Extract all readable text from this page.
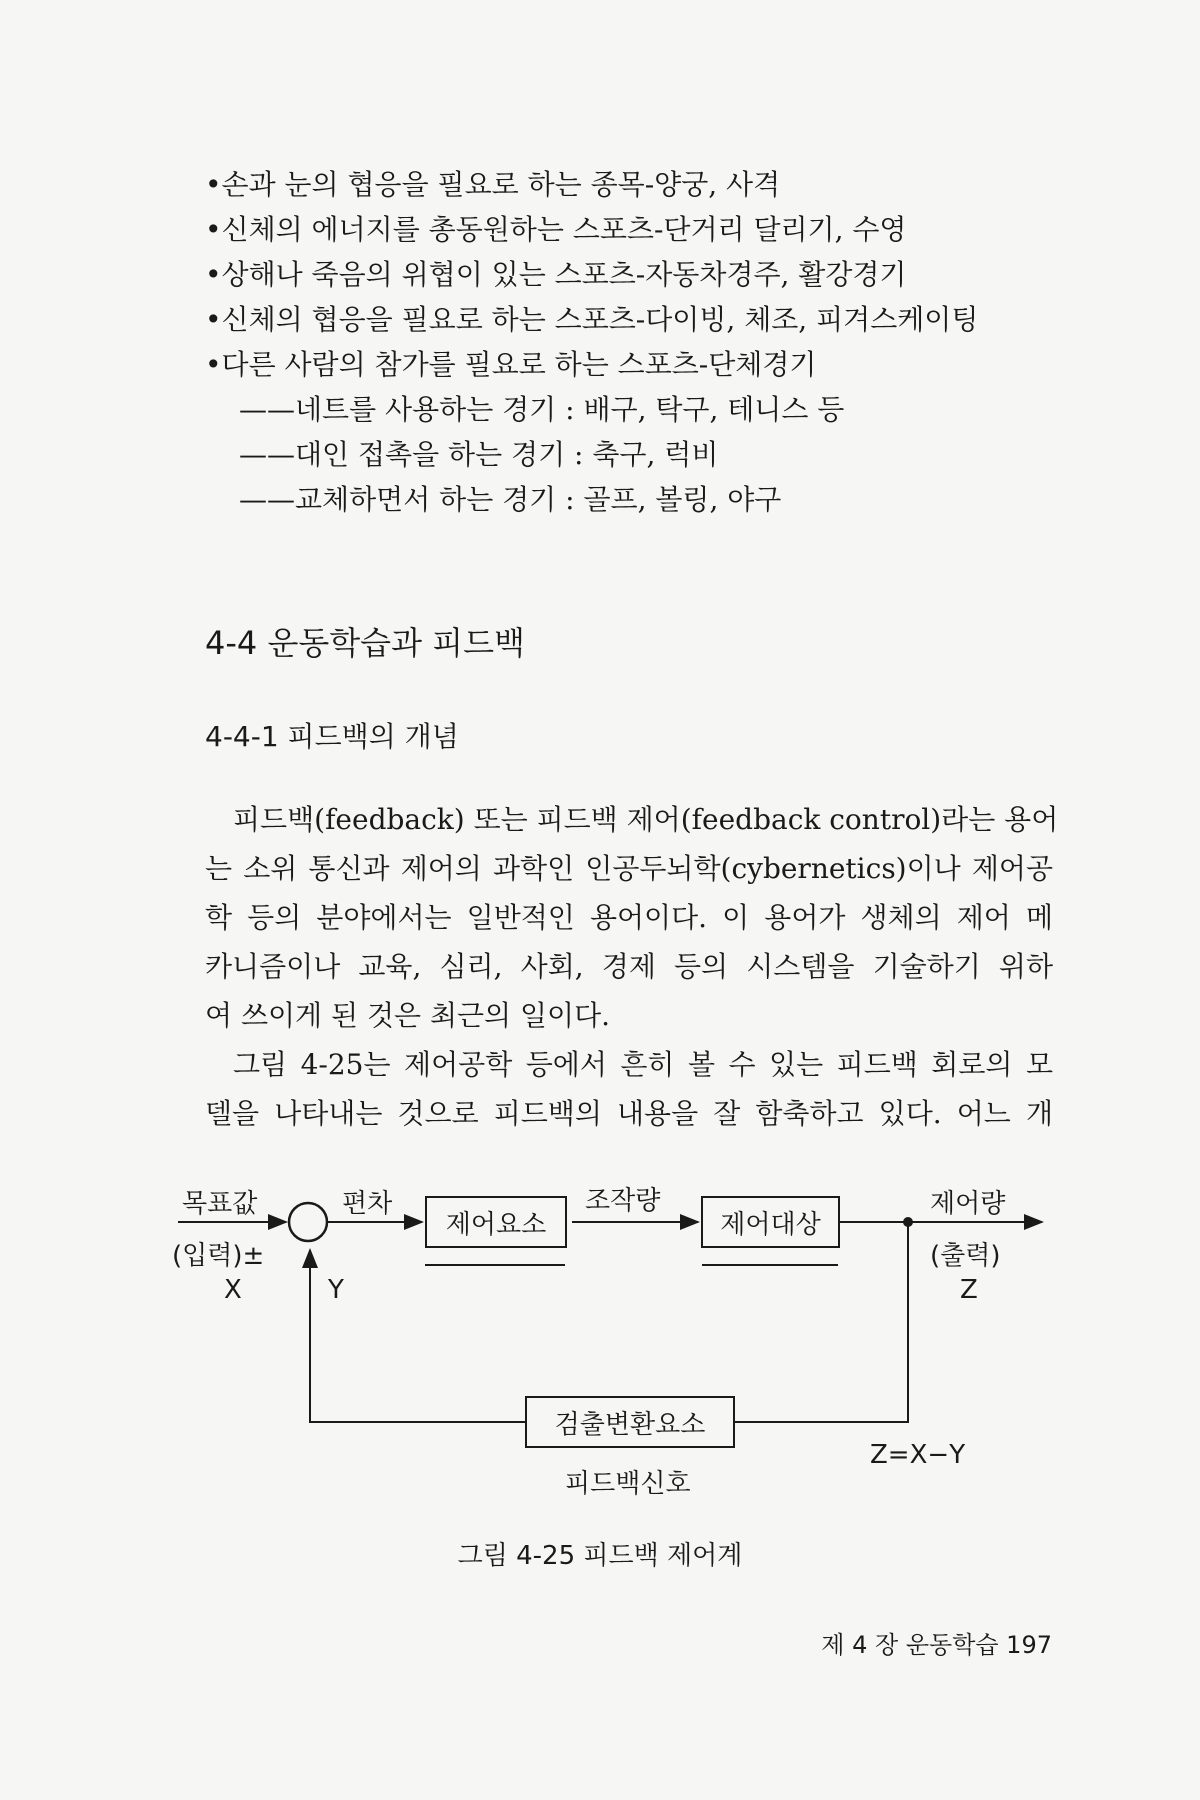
•손과 눈의 협응을 필요로 하는 종목-양궁, 사격
•신체의 에너지를 총동원하는 스포츠-단거리 달리기, 수영
•상해나 죽음의 위협이 있는 스포츠-자동차경주, 활강경기
•신체의 협응을 필요로 하는 스포츠-다이빙, 체조, 피겨스케이팅
•다른 사람의 참가를 필요로 하는 스포츠-단체경기
——네트를 사용하는 경기 : 배구, 탁구, 테니스 등
——대인 접촉을 하는 경기 : 축구, 럭비
——교체하면서 하는 경기 : 골프, 볼링, 야구
4-4 운동학습과 피드백
4-4-1 피드백의 개념
피드백(feedback) 또는 피드백 제어(feedback control)라는 용어
는 소위 통신과 제어의 과학인 인공두뇌학(cybernetics)이나 제어공
학 등의 분야에서는 일반적인 용어이다. 이 용어가 생체의 제어 메
카니즘이나 교육, 심리, 사회, 경제 등의 시스템을 기술하기 위하
여 쓰이게 된 것은 최근의 일이다.
그림 4-25는 제어공학 등에서 흔히 볼 수 있는 피드백 회로의 모
델을 나타내는 것으로 피드백의 내용을 잘 함축하고 있다. 어느 개
목표값
(입력)±
X
편차
Y
제어요소
조작량
제어대상
제어량
(출력)
Z
검출변환요소
피드백신호
Z=X−Y
그림 4-25 피드백 제어계
제 4 장 운동학습 197
